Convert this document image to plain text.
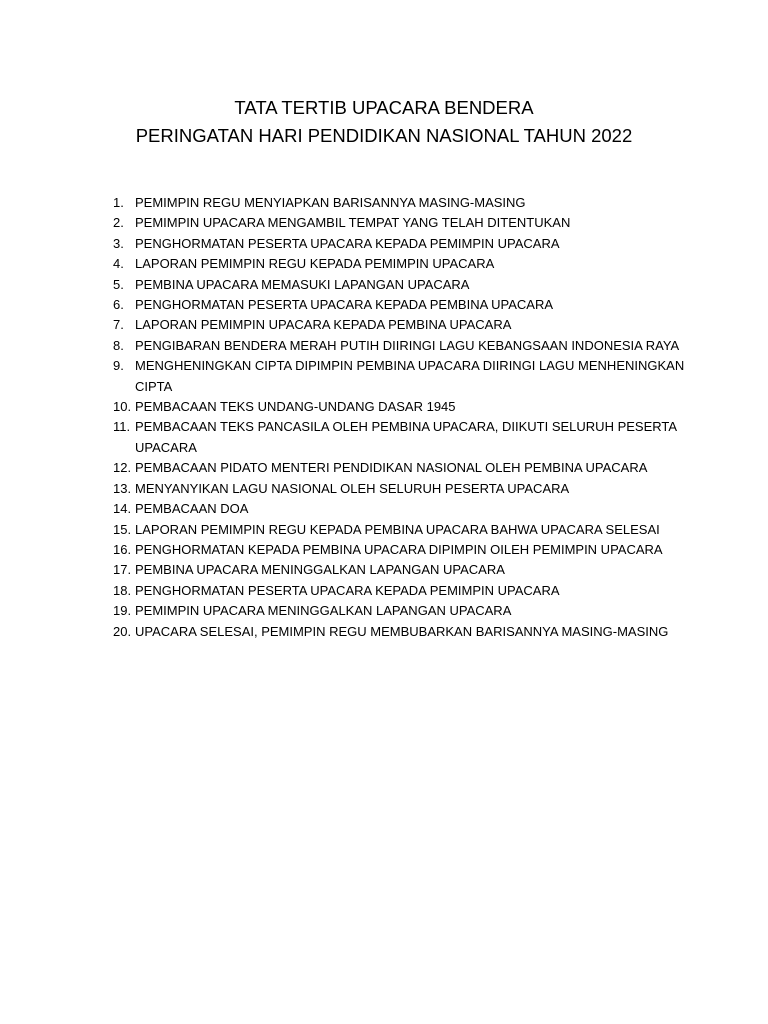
TATA TERTIB UPACARA BENDERA
PERINGATAN HARI PENDIDIKAN NASIONAL TAHUN 2022
1. PEMIMPIN REGU MENYIAPKAN BARISANNYA MASING-MASING
2. PEMIMPIN UPACARA MENGAMBIL TEMPAT YANG TELAH DITENTUKAN
3. PENGHORMATAN PESERTA UPACARA KEPADA PEMIMPIN UPACARA
4. LAPORAN PEMIMPIN REGU KEPADA PEMIMPIN UPACARA
5. PEMBINA UPACARA MEMASUKI LAPANGAN UPACARA
6. PENGHORMATAN PESERTA UPACARA KEPADA PEMBINA UPACARA
7. LAPORAN PEMIMPIN UPACARA KEPADA PEMBINA UPACARA
8. PENGIBARAN BENDERA MERAH PUTIH DIIRINGI LAGU KEBANGSAAN INDONESIA RAYA
9. MENGHENINGKAN CIPTA DIPIMPIN PEMBINA UPACARA DIIRINGI LAGU MENHENINGKAN CIPTA
10. PEMBACAAN TEKS UNDANG-UNDANG DASAR 1945
11. PEMBACAAN TEKS PANCASILA OLEH PEMBINA UPACARA, DIIKUTI SELURUH PESERTA UPACARA
12. PEMBACAAN PIDATO MENTERI PENDIDIKAN NASIONAL OLEH PEMBINA UPACARA
13. MENYANYIKAN LAGU NASIONAL OLEH SELURUH PESERTA UPACARA
14. PEMBACAAN DOA
15. LAPORAN PEMIMPIN REGU KEPADA PEMBINA UPACARA BAHWA UPACARA SELESAI
16. PENGHORMATAN KEPADA PEMBINA UPACARA DIPIMPIN OILEH PEMIMPIN UPACARA
17. PEMBINA UPACARA MENINGGALKAN LAPANGAN UPACARA
18. PENGHORMATAN PESERTA UPACARA KEPADA PEMIMPIN UPACARA
19. PEMIMPIN UPACARA MENINGGALKAN LAPANGAN UPACARA
20. UPACARA SELESAI, PEMIMPIN REGU MEMBUBARKAN BARISANNYA MASING-MASING
